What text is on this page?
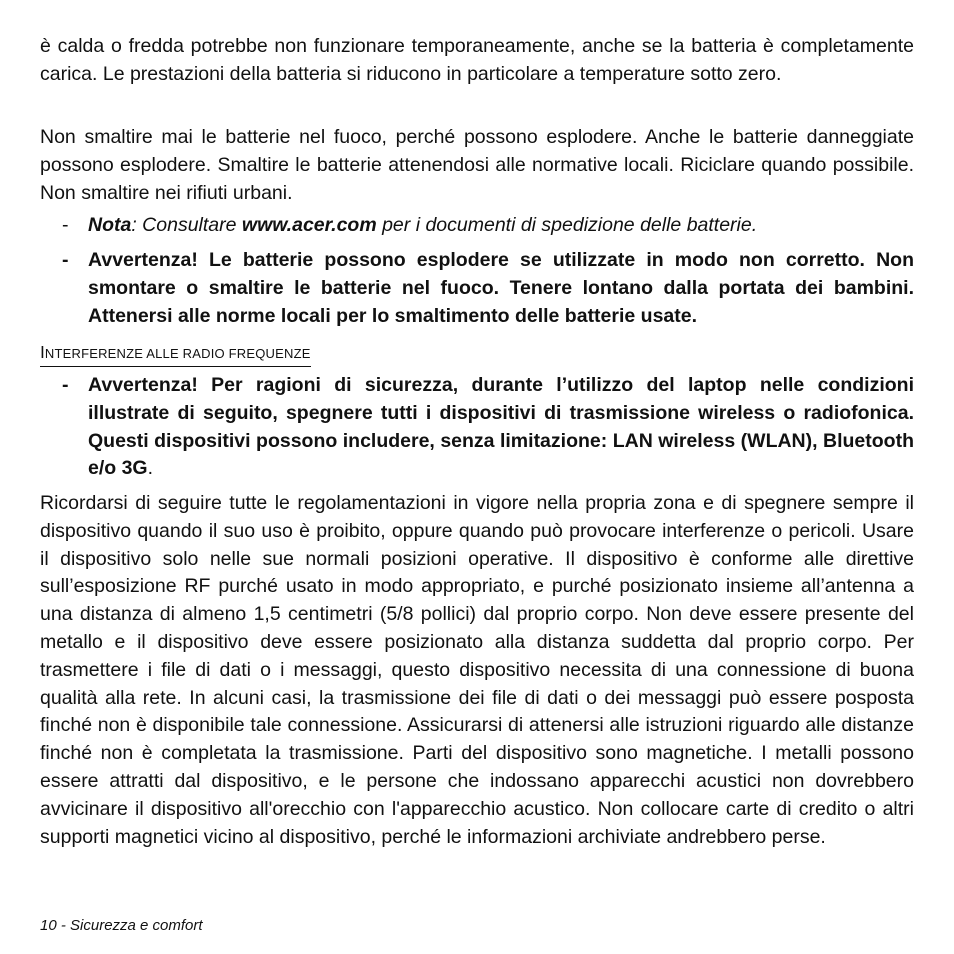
è calda o fredda potrebbe non funzionare temporaneamente, anche se la batteria è completamente carica. Le prestazioni della batteria si riducono in particolare a temperature sotto zero.

Non smaltire mai le batterie nel fuoco, perché possono esplodere. Anche le batterie danneggiate possono esplodere. Smaltire le batterie attenendosi alle normative locali. Riciclare quando possibile. Non smaltire nei rifiuti urbani.

- Nota: Consultare www.acer.com per i documenti di spedizione delle batterie.
- Avvertenza! Le batterie possono esplodere se utilizzate in modo non corretto. Non smontare o smaltire le batterie nel fuoco. Tenere lontano dalla portata dei bambini. Attenersi alle norme locali per lo smaltimento delle batterie usate.

INTERFERENZE ALLE RADIO FREQUENZE

- Avvertenza! Per ragioni di sicurezza, durante l’utilizzo del laptop nelle condizioni illustrate di seguito, spegnere tutti i dispositivi di trasmissione wireless o radiofonica. Questi dispositivi possono includere, senza limitazione: LAN wireless (WLAN), Bluetooth e/o 3G.

Ricordarsi di seguire tutte le regolamentazioni in vigore nella propria zona e di spegnere sempre il dispositivo quando il suo uso è proibito, oppure quando può provocare interferenze o pericoli. Usare il dispositivo solo nelle sue normali posizioni operative. Il dispositivo è conforme alle direttive sull’esposizione RF purché usato in modo appropriato, e purché posizionato insieme all’antenna a una distanza di almeno 1,5 centimetri (5/8 pollici) dal proprio corpo. Non deve essere presente del metallo e il dispositivo deve essere posizionato alla distanza suddetta dal proprio corpo. Per trasmettere i file di dati o i messaggi, questo dispositivo necessita di una connessione di buona qualità alla rete. In alcuni casi, la trasmissione dei file di dati o dei messaggi può essere posposta finché non è disponibile tale connessione. Assicurarsi di attenersi alle istruzioni riguardo alle distanze finché non è completata la trasmissione. Parti del dispositivo sono magnetiche. I metalli possono essere attratti dal dispositivo, e le persone che indossano apparecchi acustici non dovrebbero avvicinare il dispositivo all'orecchio con l'apparecchio acustico. Non collocare carte di credito o altri supporti magnetici vicino al dispositivo, perché le informazioni archiviate andrebbero perse.

10 - Sicurezza e comfort
